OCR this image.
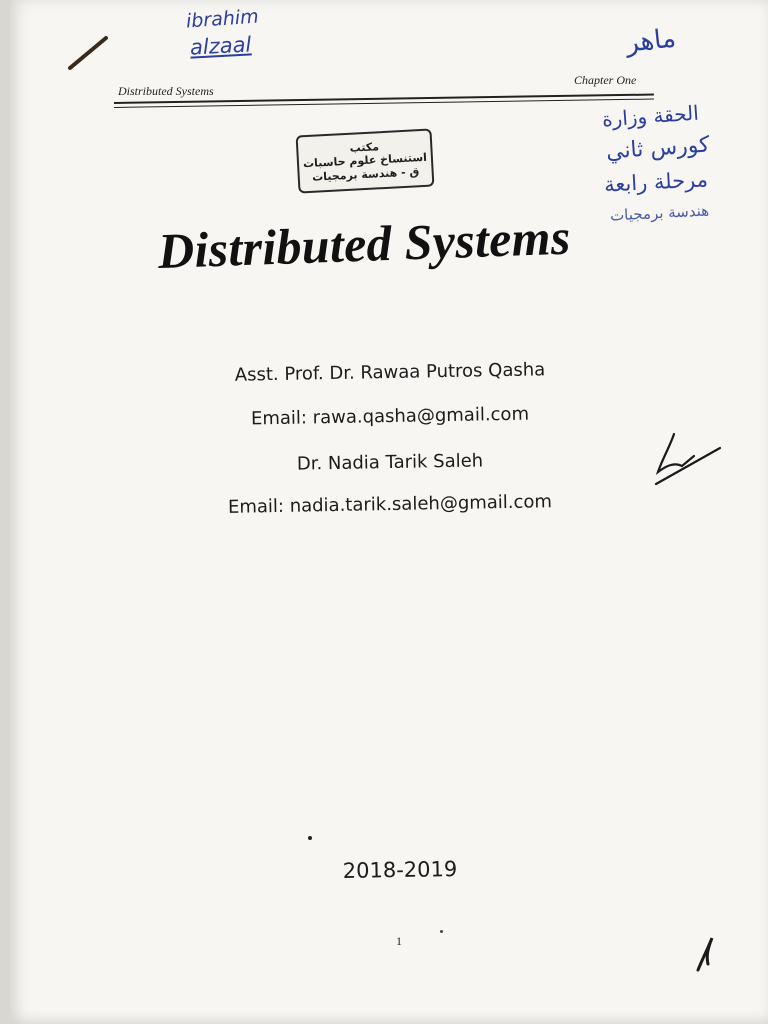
ibrahim
alzaal	ماهر
Distributed Systems
Chapter One
الحقة وزارة
كورس ثاني
مرحلة رابعة
هندسة برمجيات
مكتب
استنساخ علوم حاسبات
ق - هندسة برمجيات
Distributed Systems
Asst. Prof. Dr. Rawaa Putros Qasha
Email: rawa.qasha@gmail.com
Dr. Nadia Tarik Saleh
Email: nadia.tarik.saleh@gmail.com
2018-2019
1
